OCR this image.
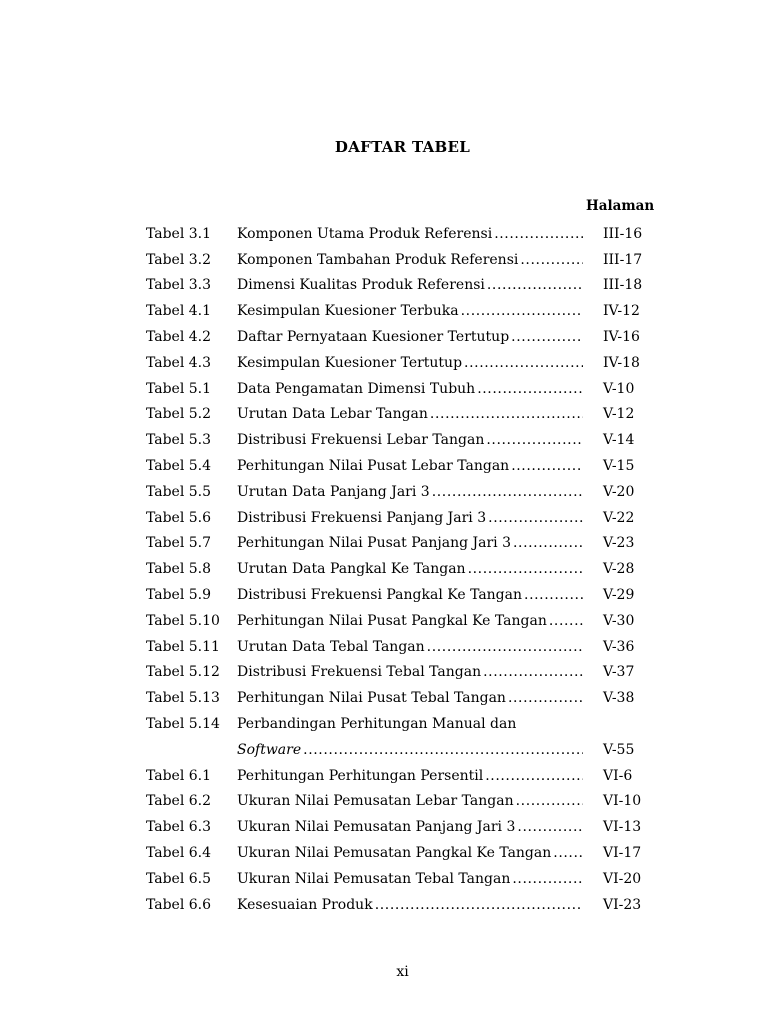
DAFTAR TABEL
Halaman
Tabel 3.1	Komponen Utama Produk Referensi .....	III-16
Tabel 3.2	Komponen Tambahan Produk Referensi .....	III-17
Tabel 3.3	Dimensi Kualitas Produk Referensi .....	III-18
Tabel 4.1	Kesimpulan Kuesioner Terbuka .....	IV-12
Tabel 4.2	Daftar Pernyataan Kuesioner Tertutup .....	IV-16
Tabel 4.3	Kesimpulan Kuesioner Tertutup .....	IV-18
Tabel 5.1	Data Pengamatan Dimensi Tubuh .....	V-10
Tabel 5.2	Urutan Data Lebar Tangan .....	V-12
Tabel 5.3	Distribusi Frekuensi Lebar Tangan .....	V-14
Tabel 5.4	Perhitungan Nilai Pusat Lebar Tangan .....	V-15
Tabel 5.5	Urutan Data Panjang Jari 3 .....	V-20
Tabel 5.6	Distribusi Frekuensi Panjang Jari 3 .....	V-22
Tabel 5.7	Perhitungan Nilai Pusat Panjang Jari 3 .....	V-23
Tabel 5.8	Urutan Data Pangkal Ke Tangan .....	V-28
Tabel 5.9	Distribusi Frekuensi Pangkal Ke Tangan .....	V-29
Tabel 5.10	Perhitungan Nilai Pusat Pangkal Ke Tangan .....	V-30
Tabel 5.11	Urutan Data Tebal Tangan .....	V-36
Tabel 5.12	Distribusi Frekuensi Tebal Tangan .....	V-37
Tabel 5.13	Perhitungan Nilai Pusat Tebal Tangan .....	V-38
Tabel 5.14	Perbandingan Perhitungan Manual dan
Software .....	V-55
Tabel 6.1	Perhitungan Perhitungan Persentil .....	VI-6
Tabel 6.2	Ukuran Nilai Pemusatan Lebar Tangan .....	VI-10
Tabel 6.3	Ukuran Nilai Pemusatan Panjang Jari 3 .....	VI-13
Tabel 6.4	Ukuran Nilai Pemusatan Pangkal Ke Tangan .....	VI-17
Tabel 6.5	Ukuran Nilai Pemusatan Tebal Tangan .....	VI-20
Tabel 6.6	Kesesuaian Produk .....	VI-23
xi
